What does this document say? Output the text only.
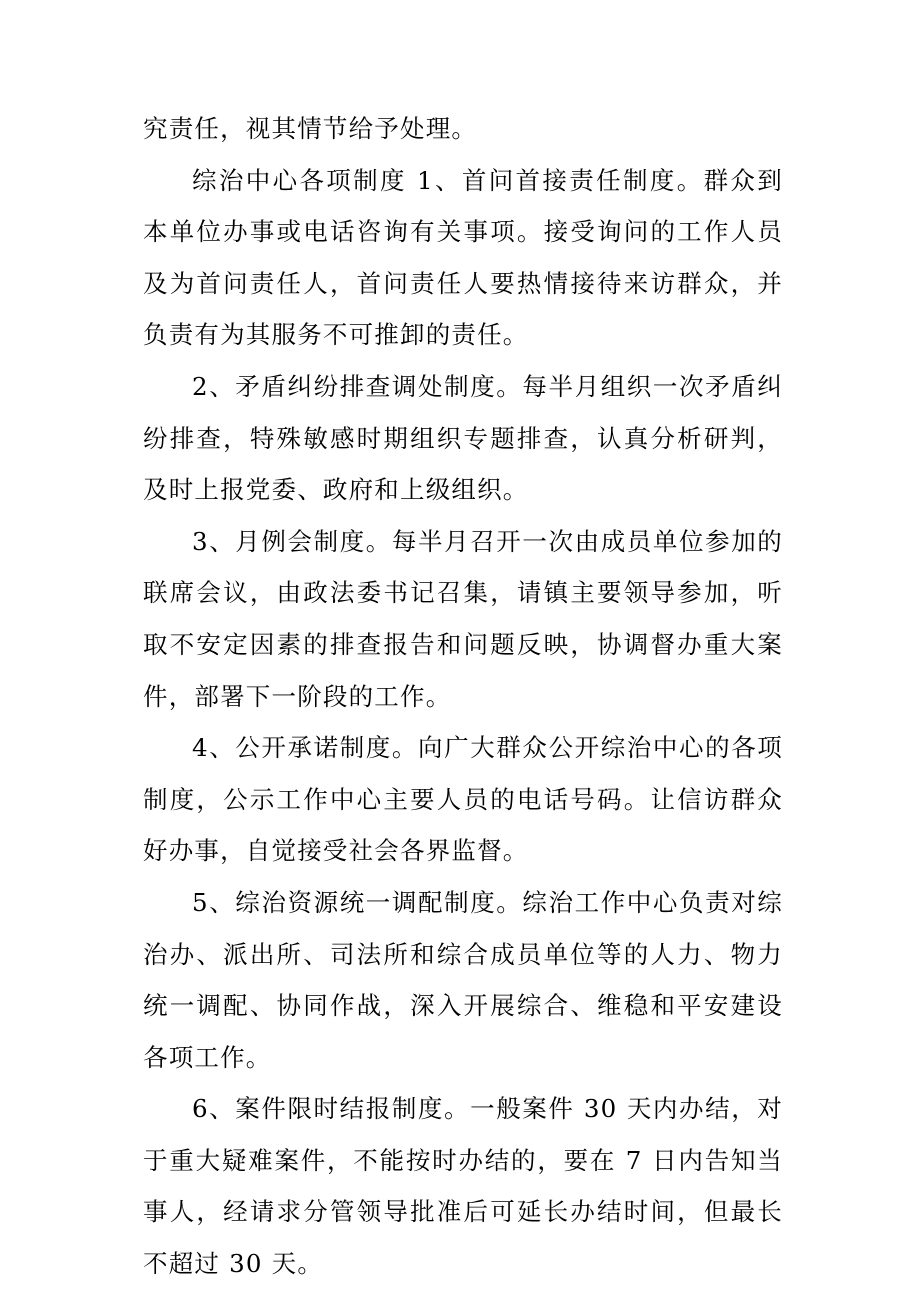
究责任，视其情节给予处理。

综治中心各项制度 1、首问首接责任制度。群众到本单位办事或电话咨询有关事项。接受询问的工作人员及为首问责任人，首问责任人要热情接待来访群众，并负责有为其服务不可推卸的责任。

2、矛盾纠纷排查调处制度。每半月组织一次矛盾纠纷排查，特殊敏感时期组织专题排查，认真分析研判，及时上报党委、政府和上级组织。

3、月例会制度。每半月召开一次由成员单位参加的联席会议，由政法委书记召集，请镇主要领导参加，听取不安定因素的排查报告和问题反映，协调督办重大案件，部署下一阶段的工作。

4、公开承诺制度。向广大群众公开综治中心的各项制度，公示工作中心主要人员的电话号码。让信访群众好办事，自觉接受社会各界监督。

5、综治资源统一调配制度。综治工作中心负责对综治办、派出所、司法所和综合成员单位等的人力、物力统一调配、协同作战，深入开展综合、维稳和平安建设各项工作。

6、案件限时结报制度。一般案件 30 天内办结，对于重大疑难案件，不能按时办结的，要在 7 日内告知当事人，经请求分管领导批准后可延长办结时间，但最长不超过 30 天。
